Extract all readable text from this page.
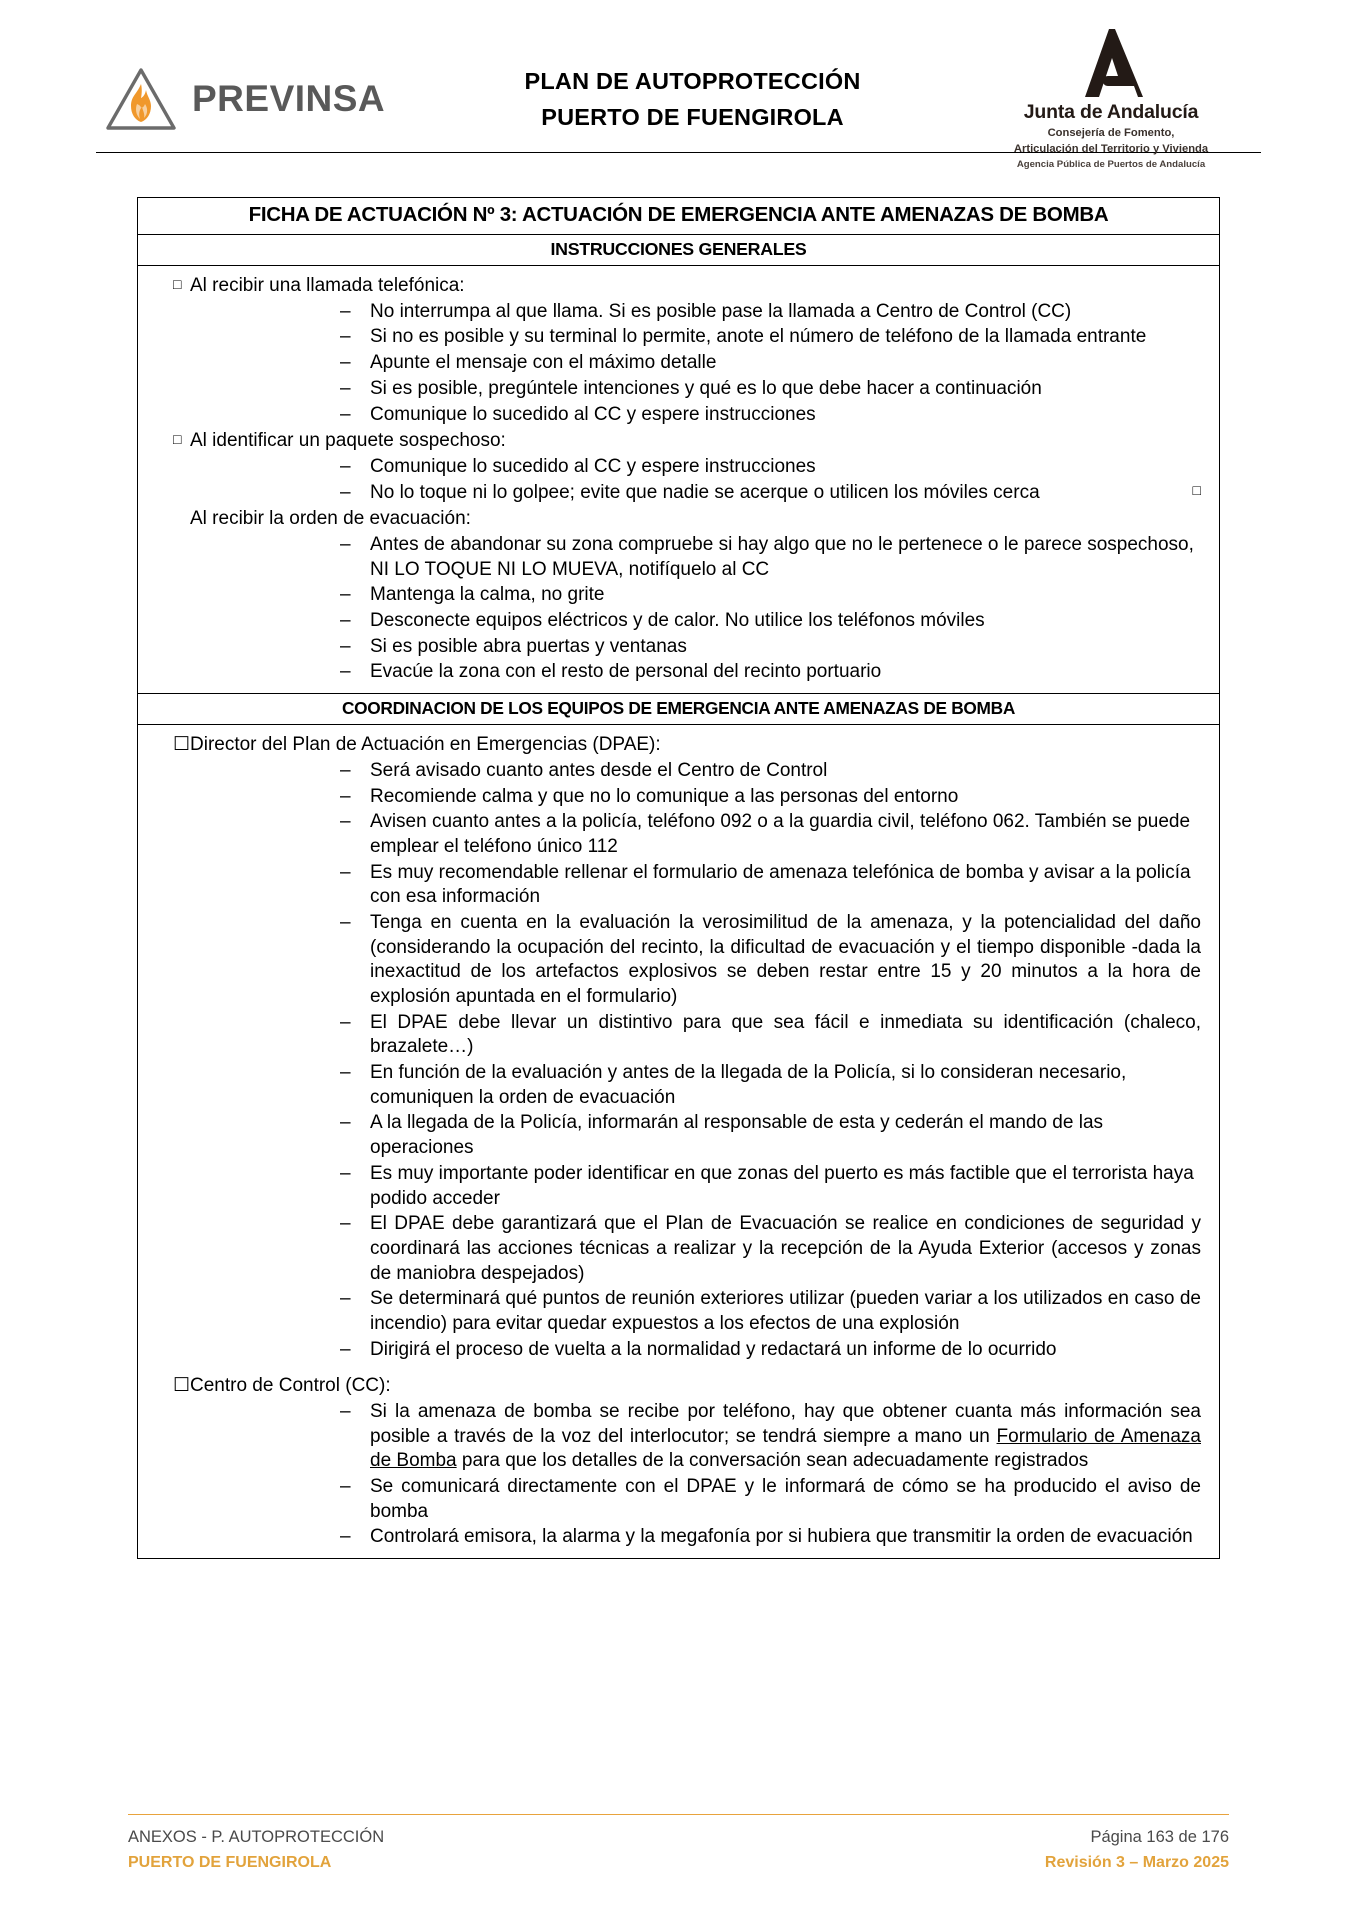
PREVINSA	PLAN DE AUTOPROTECCIÓN
PUERTO DE FUENGIROLA	Junta de Andalucía
Consejería de Fomento,
Articulación del Territorio y Vivienda
Agencia Pública de Puertos de Andalucía
FICHA DE ACTUACIÓN Nº 3: ACTUACIÓN DE EMERGENCIA ANTE AMENAZAS DE BOMBA
INSTRUCCIONES GENERALES
□ Al recibir una llamada telefónica:
–	No interrumpa al que llama. Si es posible pase la llamada a Centro de Control (CC)
–	Si no es posible y su terminal lo permite, anote el número de teléfono de la llamada entrante
–	Apunte el mensaje con el máximo detalle
–	Si es posible, pregúntele intenciones y qué es lo que debe hacer a continuación
–	Comunique lo sucedido al CC y espere instrucciones
□ Al identificar un paquete sospechoso:
–	Comunique lo sucedido al CC y espere instrucciones
–	No lo toque ni lo golpee; evite que nadie se acerque o utilicen los móviles cerca	□
Al recibir la orden de evacuación:
–	Antes de abandonar su zona compruebe si hay algo que no le pertenece o le parece sospechoso, NI LO TOQUE NI LO MUEVA, notifíquelo al CC
–	Mantenga la calma, no grite
–	Desconecte equipos eléctricos y de calor. No utilice los teléfonos móviles
–	Si es posible abra puertas y ventanas
–	Evacúe la zona con el resto de personal del recinto portuario
COORDINACION DE LOS EQUIPOS DE EMERGENCIA ANTE AMENAZAS DE BOMBA
☐ Director del Plan de Actuación en Emergencias (DPAE):
–	Será avisado cuanto antes desde el Centro de Control
–	Recomiende calma y que no lo comunique a las personas del entorno
–	Avisen cuanto antes a la policía, teléfono 092 o a la guardia civil, teléfono 062. También se puede emplear el teléfono único 112
–	Es muy recomendable rellenar el formulario de amenaza telefónica de bomba y avisar a la policía con esa información
–	Tenga en cuenta en la evaluación la verosimilitud de la amenaza, y la potencialidad del daño (considerando la ocupación del recinto, la dificultad de evacuación y el tiempo disponible -dada la inexactitud de los artefactos explosivos se deben restar entre 15 y 20 minutos a la hora de explosión apuntada en el formulario)
–	El DPAE debe llevar un distintivo para que sea fácil e inmediata su identificación (chaleco, brazalete…)
–	En función de la evaluación y antes de la llegada de la Policía, si lo consideran necesario, comuniquen la orden de evacuación
–	A la llegada de la Policía, informarán al responsable de esta y cederán el mando de las operaciones
–	Es muy importante poder identificar en que zonas del puerto es más factible que el terrorista haya podido acceder
–	El DPAE debe garantizará que el Plan de Evacuación se realice en condiciones de seguridad y coordinará las acciones técnicas a realizar y la recepción de la Ayuda Exterior (accesos y zonas de maniobra despejados)
–	Se determinará qué puntos de reunión exteriores utilizar (pueden variar a los utilizados en caso de incendio) para evitar quedar expuestos a los efectos de una explosión
–	Dirigirá el proceso de vuelta a la normalidad y redactará un informe de lo ocurrido
☐ Centro de Control (CC):
–	Si la amenaza de bomba se recibe por teléfono, hay que obtener cuanta más información sea posible a través de la voz del interlocutor; se tendrá siempre a mano un Formulario de Amenaza de Bomba para que los detalles de la conversación sean adecuadamente registrados
–	Se comunicará directamente con el DPAE y le informará de cómo se ha producido el aviso de bomba
–	Controlará emisora, la alarma y la megafonía por si hubiera que transmitir la orden de evacuación
ANEXOS - P. AUTOPROTECCIÓN	Página 163 de 176
PUERTO DE FUENGIROLA	Revisión 3 – Marzo 2025
